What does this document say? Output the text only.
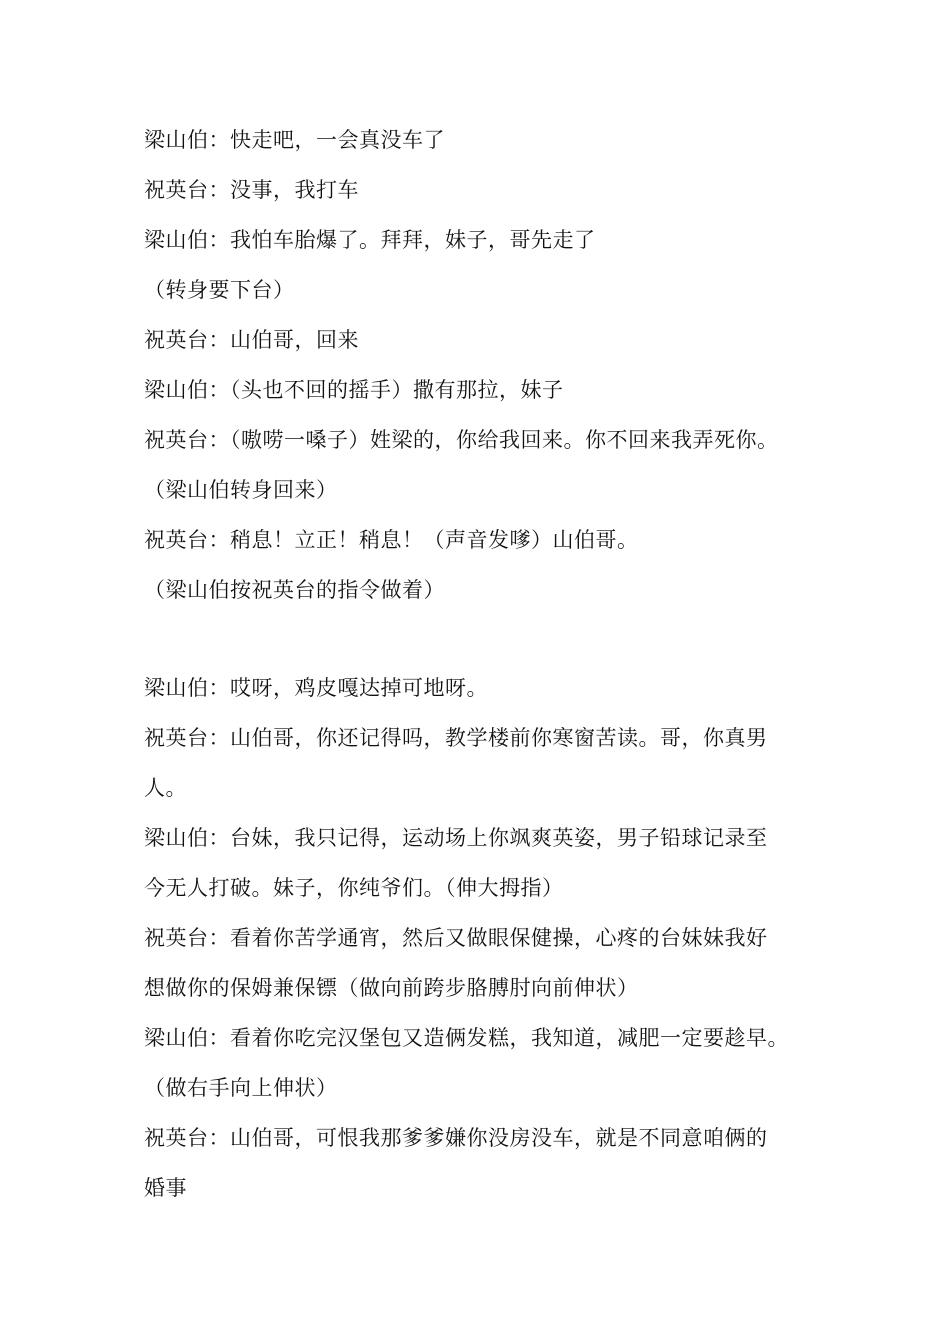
梁山伯：快走吧，一会真没车了
祝英台：没事，我打车
梁山伯：我怕车胎爆了。拜拜，妹子，哥先走了
（转身要下台）
祝英台：山伯哥，回来
梁山伯：（头也不回的摇手）撒有那拉，妹子
祝英台：（嗷唠一嗓子）姓梁的，你给我回来。你不回来我弄死你。
（梁山伯转身回来）
祝英台：稍息！立正！稍息！（声音发嗲）山伯哥。
（梁山伯按祝英台的指令做着）
梁山伯：哎呀，鸡皮嘎达掉可地呀。
祝英台：山伯哥，你还记得吗，教学楼前你寒窗苦读。哥，你真男
人。
梁山伯：台妹，我只记得，运动场上你飒爽英姿，男子铅球记录至
今无人打破。妹子，你纯爷们。（伸大拇指）
祝英台：看着你苦学通宵，然后又做眼保健操，心疼的台妹妹我好
想做你的保姆兼保镖（做向前跨步胳膊肘向前伸状）
梁山伯：看着你吃完汉堡包又造俩发糕，我知道，减肥一定要趁早。
（做右手向上伸状）
祝英台：山伯哥，可恨我那爹爹嫌你没房没车，就是不同意咱俩的
婚事
